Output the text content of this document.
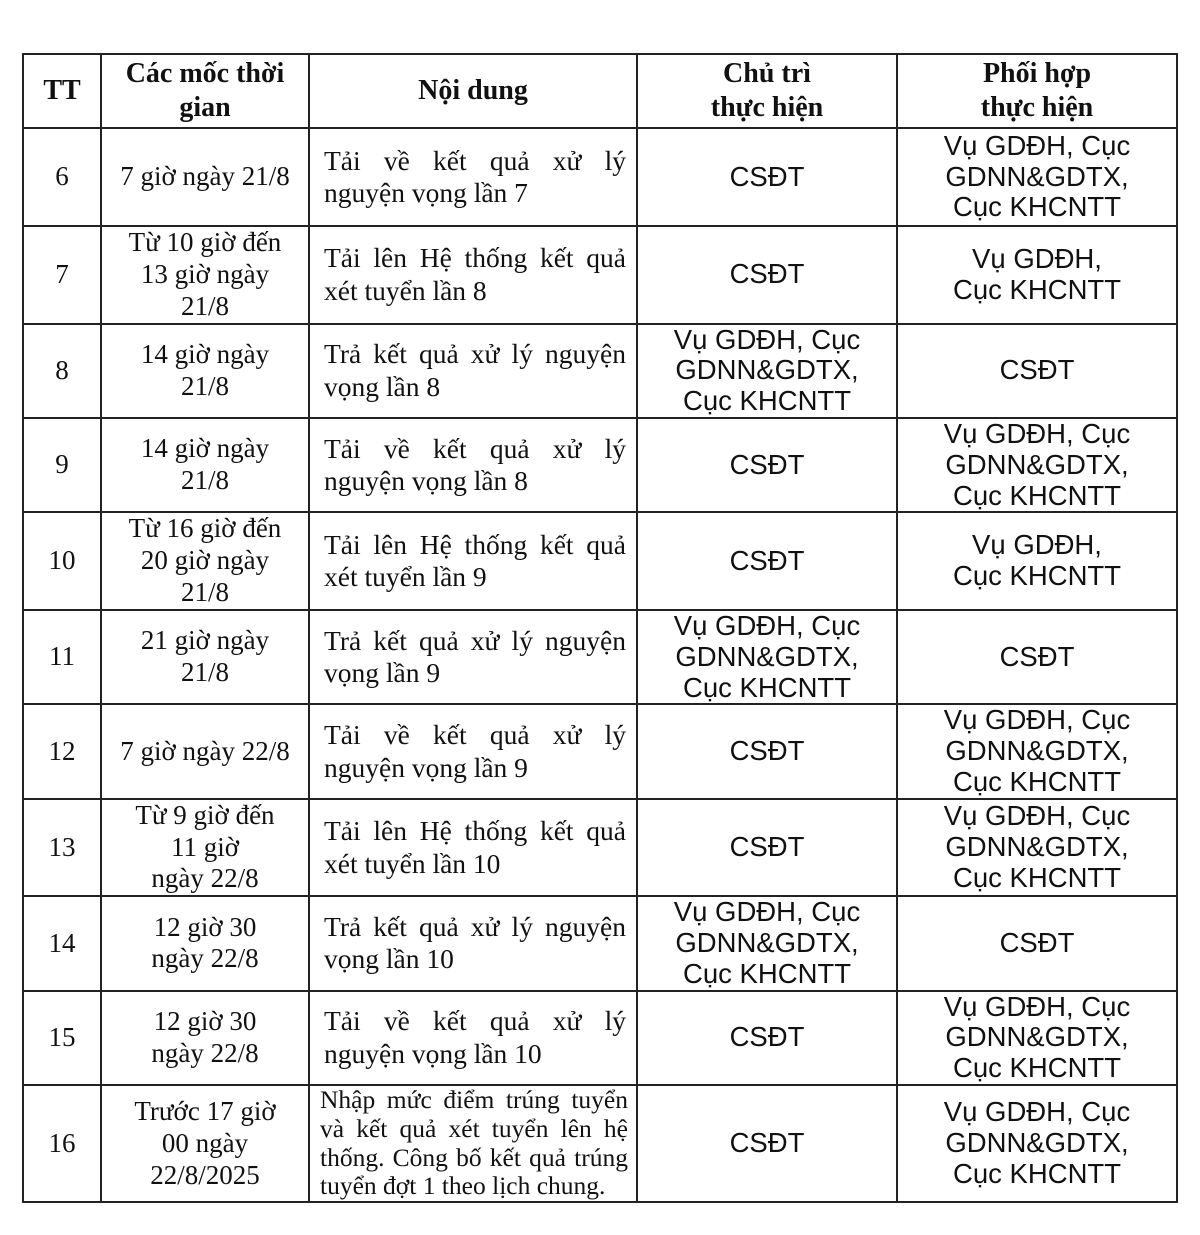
TT	Các mốc thời
gian	Nội dung	Chủ trì
thực hiện	Phối hợp
thực hiện
6	7 giờ ngày 21/8	Tải về kết quả xử lý nguyện vọng lần 7	CSĐT	Vụ GDĐH, Cục
GDNN&GDTX,
Cục KHCNTT
7	Từ 10 giờ đến
13 giờ ngày
21/8	Tải lên Hệ thống kết quả xét tuyển lần 8	CSĐT	Vụ GDĐH,
Cục KHCNTT
8	14 giờ ngày
21/8	Trả kết quả xử lý nguyện vọng lần 8	Vụ GDĐH, Cục
GDNN&GDTX,
Cục KHCNTT	CSĐT
9	14 giờ ngày
21/8	Tải về kết quả xử lý nguyện vọng lần 8	CSĐT	Vụ GDĐH, Cục
GDNN&GDTX,
Cục KHCNTT
10	Từ 16 giờ đến
20 giờ ngày
21/8	Tải lên Hệ thống kết quả xét tuyển lần 9	CSĐT	Vụ GDĐH,
Cục KHCNTT
11	21 giờ ngày
21/8	Trả kết quả xử lý nguyện vọng lần 9	Vụ GDĐH, Cục
GDNN&GDTX,
Cục KHCNTT	CSĐT
12	7 giờ ngày 22/8	Tải về kết quả xử lý nguyện vọng lần 9	CSĐT	Vụ GDĐH, Cục
GDNN&GDTX,
Cục KHCNTT
13	Từ 9 giờ đến
11 giờ
ngày 22/8	Tải lên Hệ thống kết quả xét tuyển lần 10	CSĐT	Vụ GDĐH, Cục
GDNN&GDTX,
Cục KHCNTT
14	12 giờ 30
ngày 22/8	Trả kết quả xử lý nguyện vọng lần 10	Vụ GDĐH, Cục
GDNN&GDTX,
Cục KHCNTT	CSĐT
15	12 giờ 30
ngày 22/8	Tải về kết quả xử lý nguyện vọng lần 10	CSĐT	Vụ GDĐH, Cục
GDNN&GDTX,
Cục KHCNTT
16	Trước 17 giờ
00 ngày
22/8/2025	Nhập mức điểm trúng tuyển và kết quả xét tuyển lên hệ thống. Công bố kết quả trúng tuyển đợt 1 theo lịch chung.	CSĐT	Vụ GDĐH, Cục
GDNN&GDTX,
Cục KHCNTT
